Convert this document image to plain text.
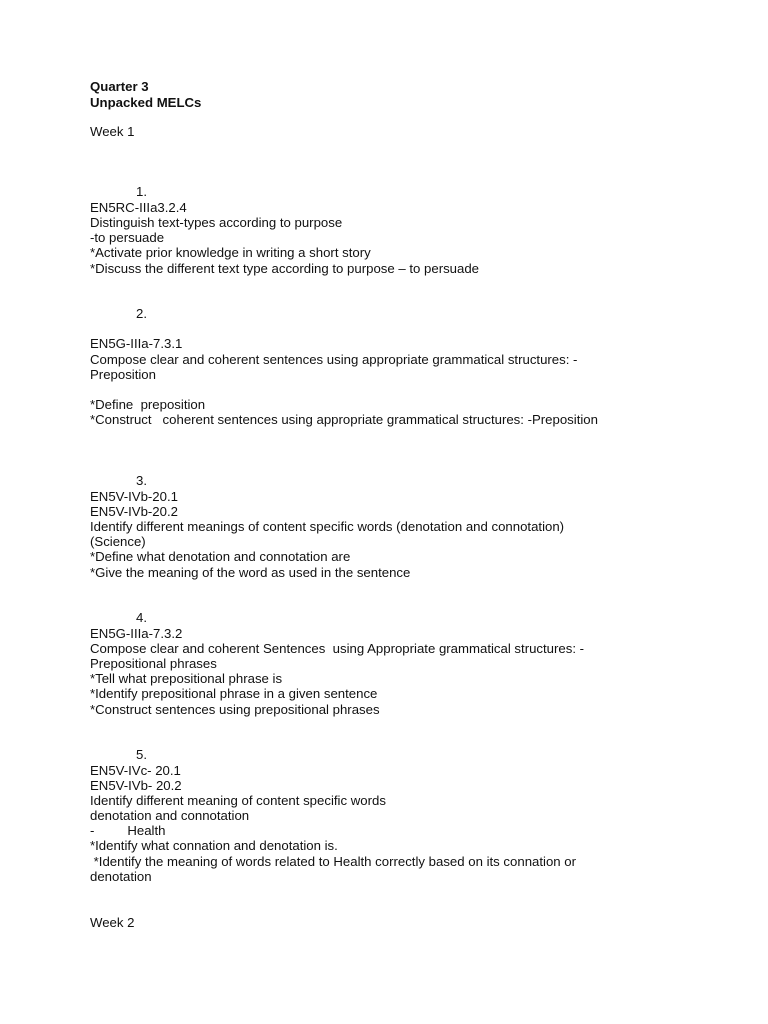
Quarter 3
Unpacked MELCs
Week 1
1.
EN5RC-IIIa3.2.4
Distinguish text-types according to purpose
-to persuade
*Activate prior knowledge in writing a short story
*Discuss the different text type according to purpose – to persuade
2.
EN5G-IIIa-7.3.1
Compose clear and coherent sentences using appropriate grammatical structures: -
Preposition
*Define  preposition
*Construct   coherent sentences using appropriate grammatical structures: -Preposition
3.
EN5V-IVb-20.1
EN5V-IVb-20.2
Identify different meanings of content specific words (denotation and connotation)
(Science)
*Define what denotation and connotation are
*Give the meaning of the word as used in the sentence
4.
EN5G-IIIa-7.3.2
Compose clear and coherent Sentences  using Appropriate grammatical structures: -
Prepositional phrases
*Tell what prepositional phrase is
*Identify prepositional phrase in a given sentence
*Construct sentences using prepositional phrases
5.
EN5V-IVc- 20.1
EN5V-IVb- 20.2
Identify different meaning of content specific words
denotation and connotation
-         Health
*Identify what connation and denotation is.
*Identify the meaning of words related to Health correctly based on its connation or
denotation
Week 2
